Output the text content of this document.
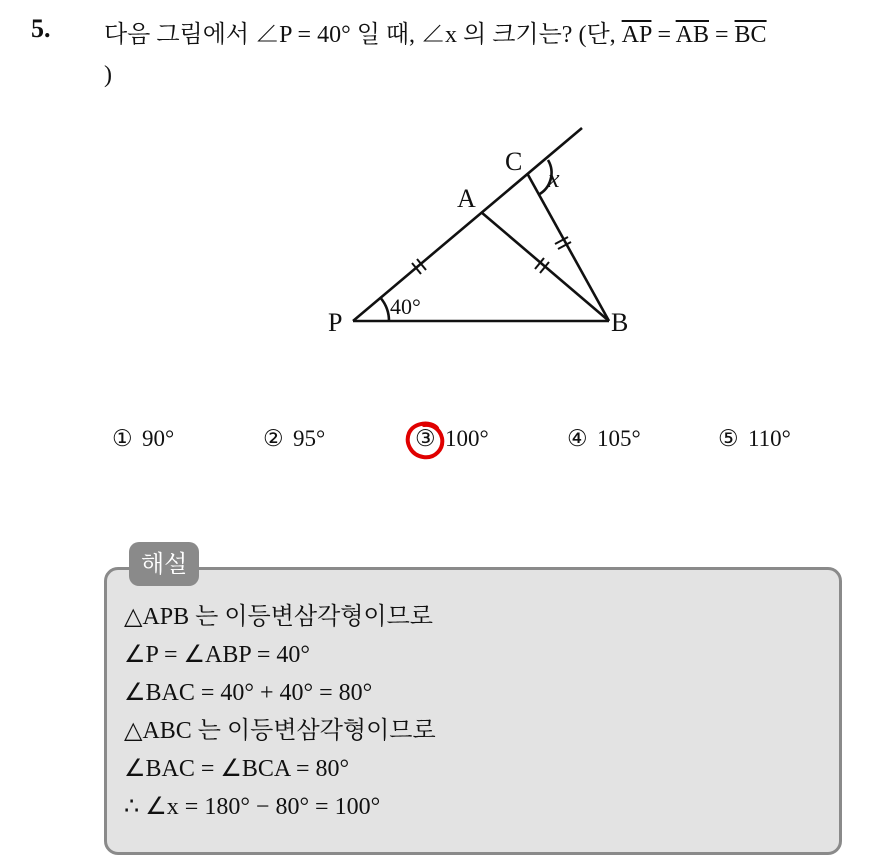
5. 다음 그림에서 ∠P = 40° 일 때, ∠x 의 크기는? (단, $\overline{AP} = \overline{AB} = \overline{BC}$
)
P
A
B
C
x
40°
① 90°	② 95°	③ 100°	④ 105°	⑤ 110°
해설
△APB 는 이등변삼각형이므로
∠P = ∠ABP = 40°
∠BAC = 40° + 40° = 80°
△ABC 는 이등변삼각형이므로
∠BAC = ∠BCA = 80°
∴ ∠x = 180° − 80° = 100°
